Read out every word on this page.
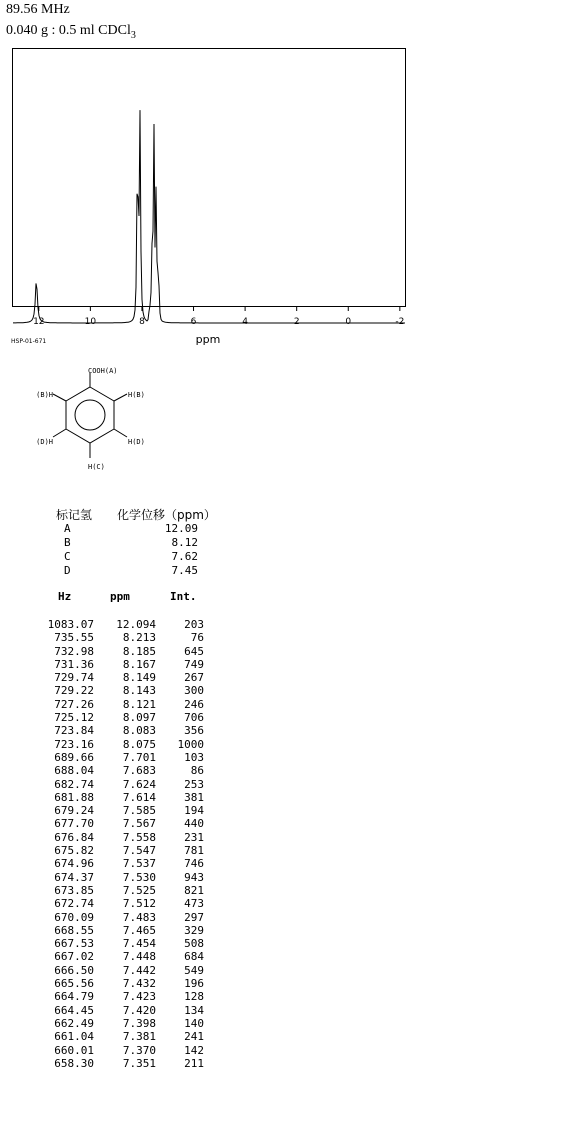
89.56 MHz
0.040 g : 0.5 ml CDCl$_3$
12	10	8	6	4	2	0	-2
HSP-01-671	ppm
COOH(A)
(B)H	H(B)
(D)H	H(D)
H(C)
标记氢 化学位移（ppm）
A	12.09
B	8.12
C	7.62
D	7.45
Hz	ppm	Int.
1083.07	12.094	203
735.55	8.213	76
732.98	8.185	645
731.36	8.167	749
729.74	8.149	267
729.22	8.143	300
727.26	8.121	246
725.12	8.097	706
723.84	8.083	356
723.16	8.075	1000
689.66	7.701	103
688.04	7.683	86
682.74	7.624	253
681.88	7.614	381
679.24	7.585	194
677.70	7.567	440
676.84	7.558	231
675.82	7.547	781
674.96	7.537	746
674.37	7.530	943
673.85	7.525	821
672.74	7.512	473
670.09	7.483	297
668.55	7.465	329
667.53	7.454	508
667.02	7.448	684
666.50	7.442	549
665.56	7.432	196
664.79	7.423	128
664.45	7.420	134
662.49	7.398	140
661.04	7.381	241
660.01	7.370	142
658.30	7.351	211
